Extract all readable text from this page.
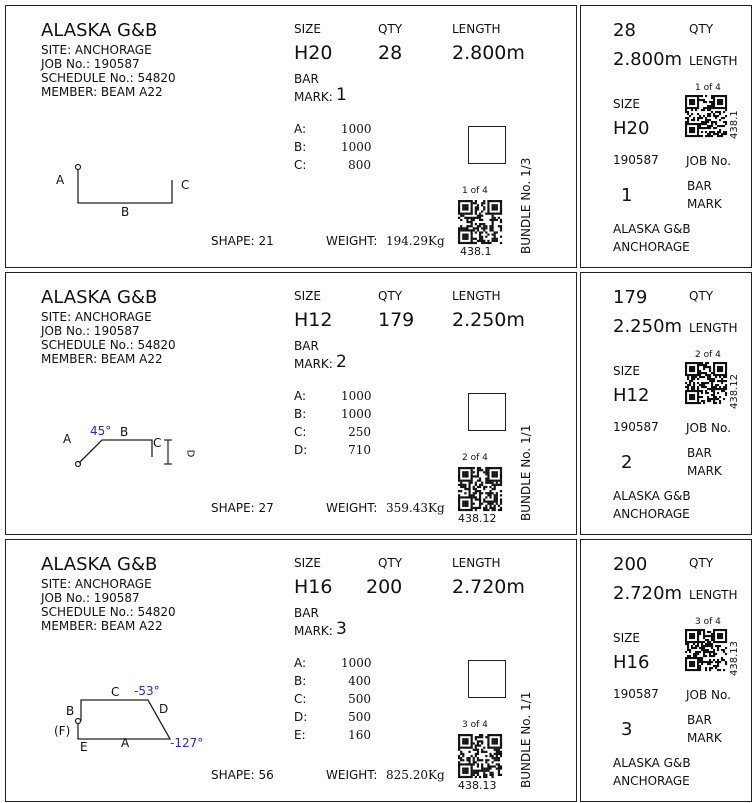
ALASKA G&B
SITE: ANCHORAGE
JOB No.: 190587
SCHEDULE No.: 54820
MEMBER: BEAM A22
SIZE	QTY	LENGTH
H20 28	2.800m
BAR
MARK: 1
A:	1000
B:	1000
C:	800
A
B
C
SHAPE: 21	WEIGHT: 194.29Kg
1 of 4
438.1 BUNDLE No. 1/3
28	QTY
2.800m LENGTH
SIZE
H20
1 of 4
438.1
190587 JOB No.
1	BAR
MARK
ALASKA G&B
ANCHORAGE
ALASKA G&B
SITE: ANCHORAGE
JOB No.: 190587
SCHEDULE No.: 54820
MEMBER: BEAM A22
SIZE	QTY	LENGTH
H12 179 2.250m
BAR
MARK: 2
A:	1000
B:	1000
C:	250
D:	710
A
45° B
C
D
SHAPE: 27	WEIGHT: 359.43Kg
2 of 4
438.12 BUNDLE No. 1/1
179	QTY
2.250m LENGTH
SIZE
H12
2 of 4
438.12
190587 JOB No.
2	BAR
MARK
ALASKA G&B
ANCHORAGE
ALASKA G&B
SITE: ANCHORAGE
JOB No.: 190587
SCHEDULE No.: 54820
MEMBER: BEAM A22
SIZE	QTY	LENGTH
H16 200	2.720m
BAR
MARK: 3
A:	1000
B:	400
C:	500
D:	500
E:	160
B
(F)
E	A
C -53°
D
-127°
SHAPE: 56	WEIGHT: 825.20Kg
3 of 4
438.13 BUNDLE No. 1/1
200	QTY
2.720m LENGTH
SIZE
H16
3 of 4
438.13
190587 JOB No.
3	BAR
MARK
ALASKA G&B
ANCHORAGE
